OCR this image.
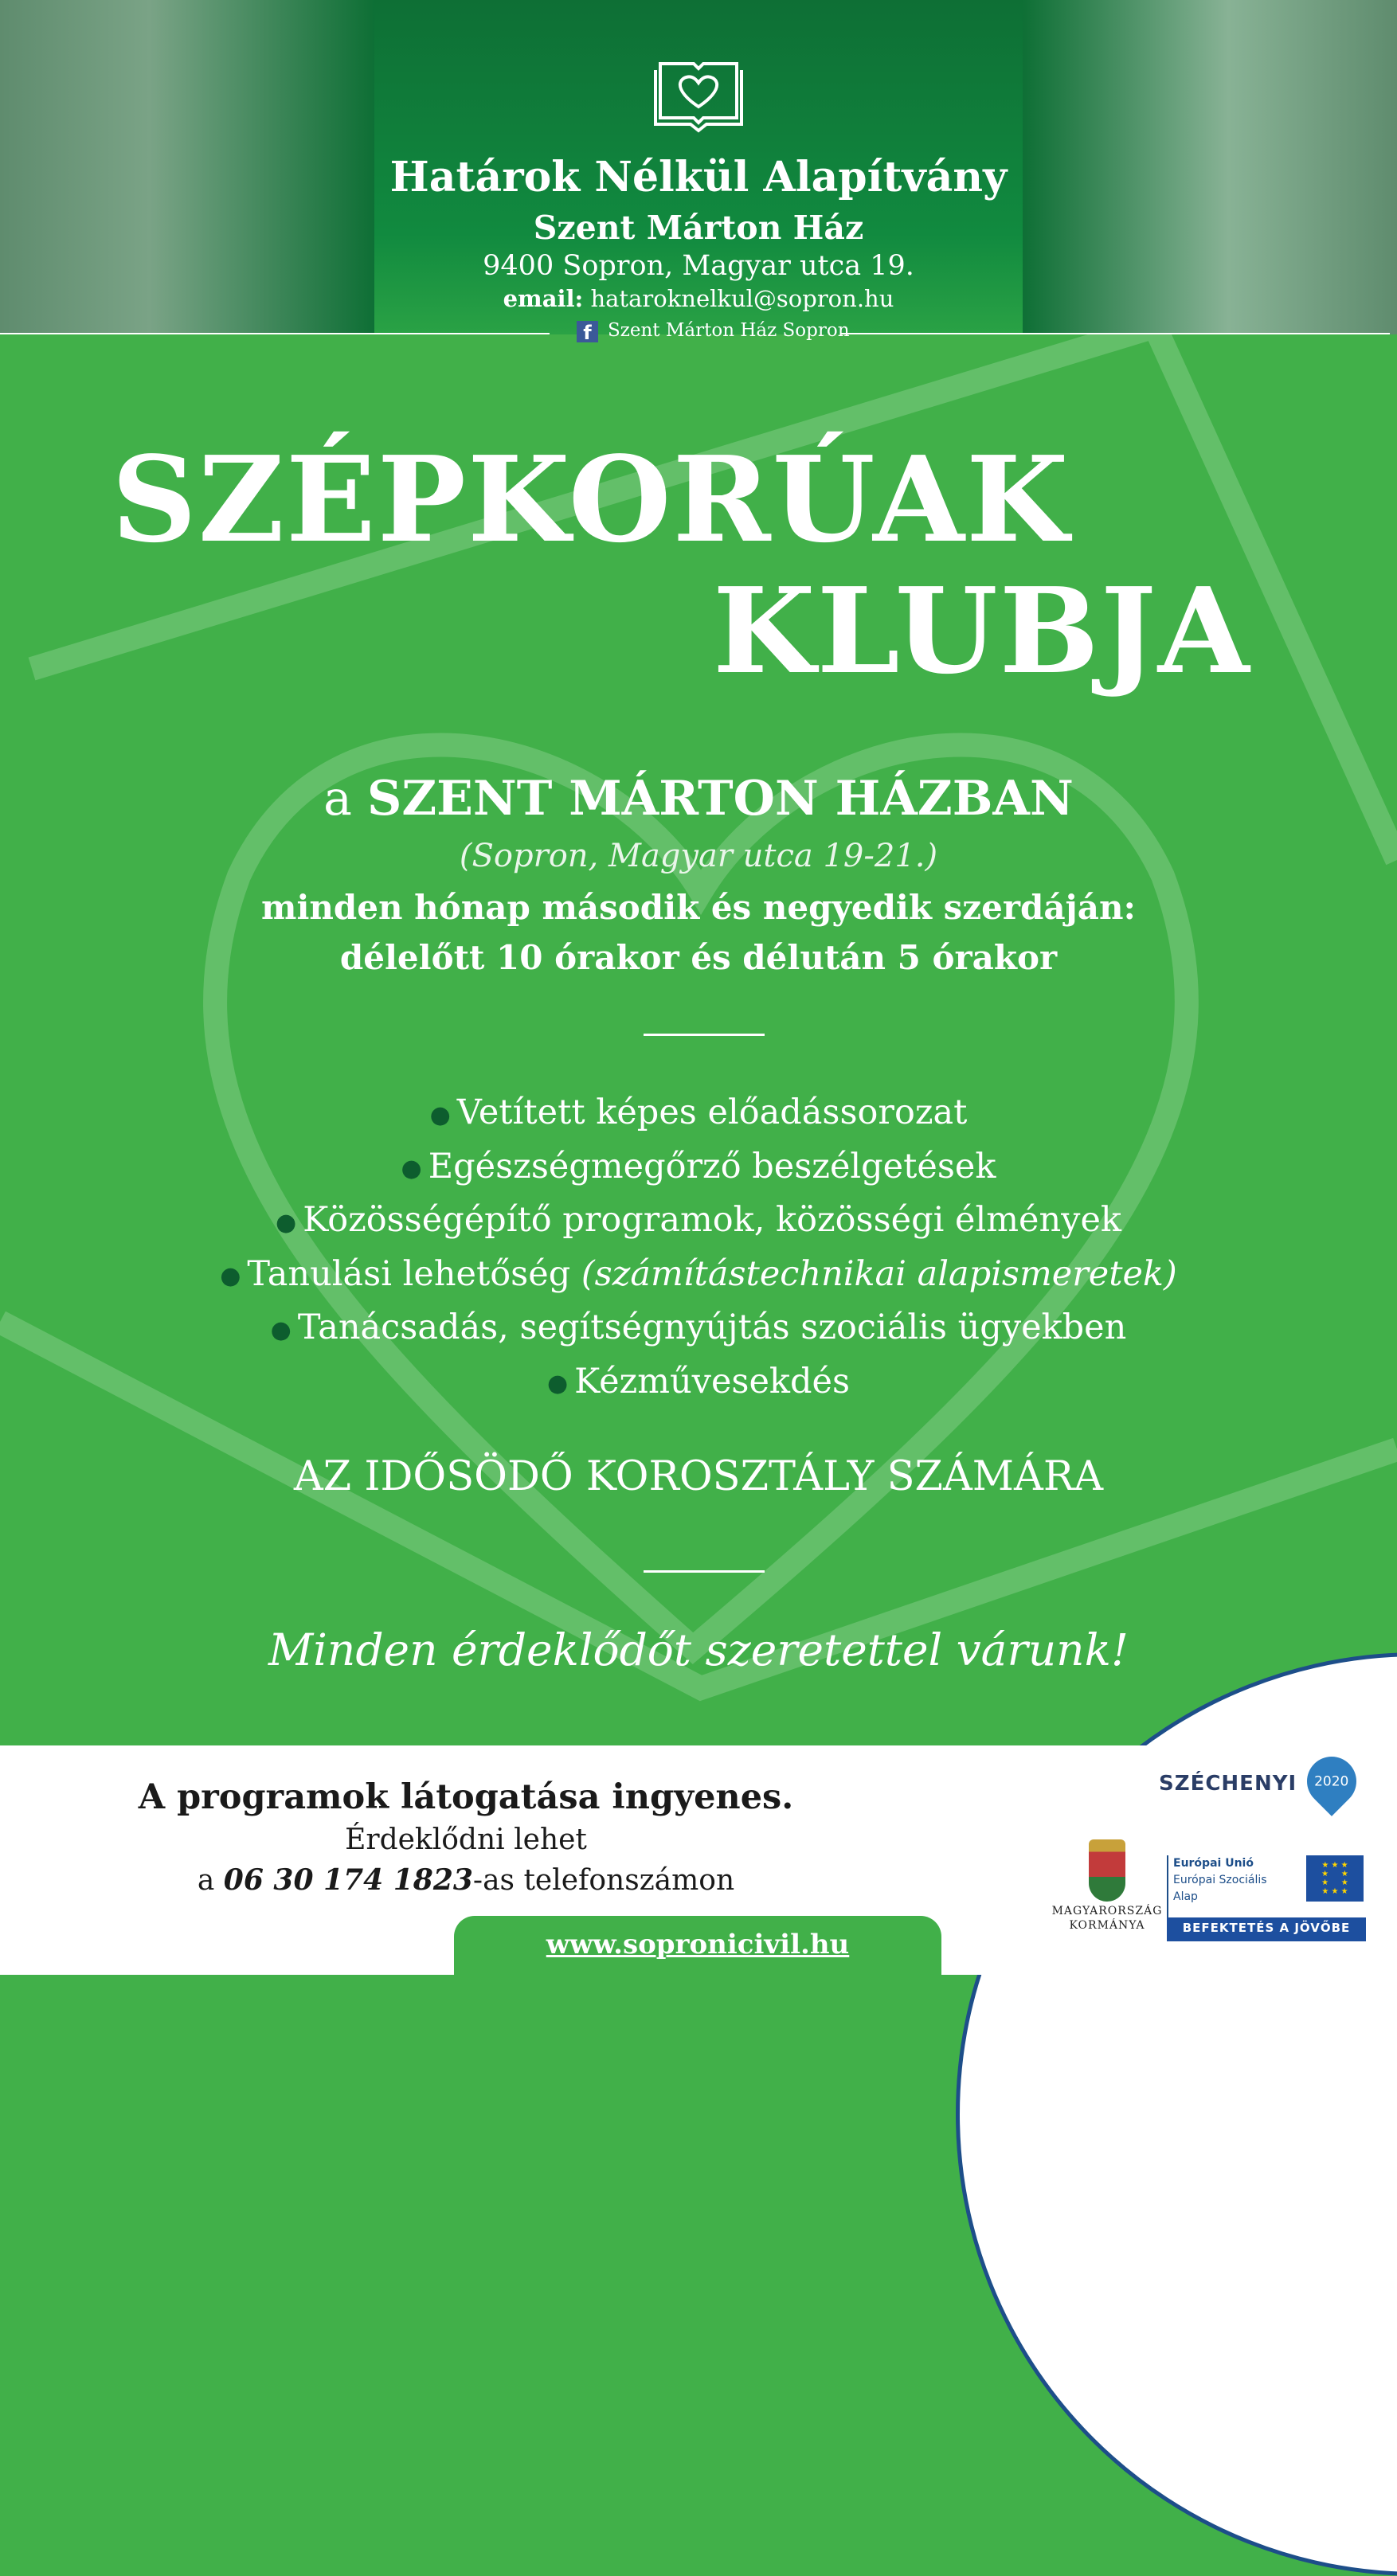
Határok Nélkül Alapítvány
Szent Márton Ház
9400 Sopron, Magyar utca 19.
email: hataroknelkul@sopron.hu
f Szent Márton Ház Sopron
SZÉPKORÚAK
KLUBJA
a SZENT MÁRTON HÁZBAN
(Sopron, Magyar utca 19-21.)
minden hónap második és negyedik szerdáján:
délelőtt 10 órakor és délután 5 órakor
● Vetített képes előadássorozat
● Egészségmegőrző beszélgetések
● Közösségépítő programok, közösségi élmények
● Tanulási lehetőség (számítástechnikai alapismeretek)
● Tanácsadás, segítségnyújtás szociális ügyekben
● Kézművesekdés
AZ IDŐSÖDŐ KOROSZTÁLY SZÁMÁRA
Minden érdeklődőt szeretettel várunk!
A programok látogatása ingyenes.
Érdeklődni lehet
a 06 30 174 1823-as telefonszámon
www.sopronicivil.hu
SZÉCHENYI	2020
MAGYARORSZÁG
KORMÁNYA
Európai Unió
Európai Szociális
Alap
★ ★ ★
★     ★
★     ★
★ ★ ★
BEFEKTETÉS A JÖVŐBE
